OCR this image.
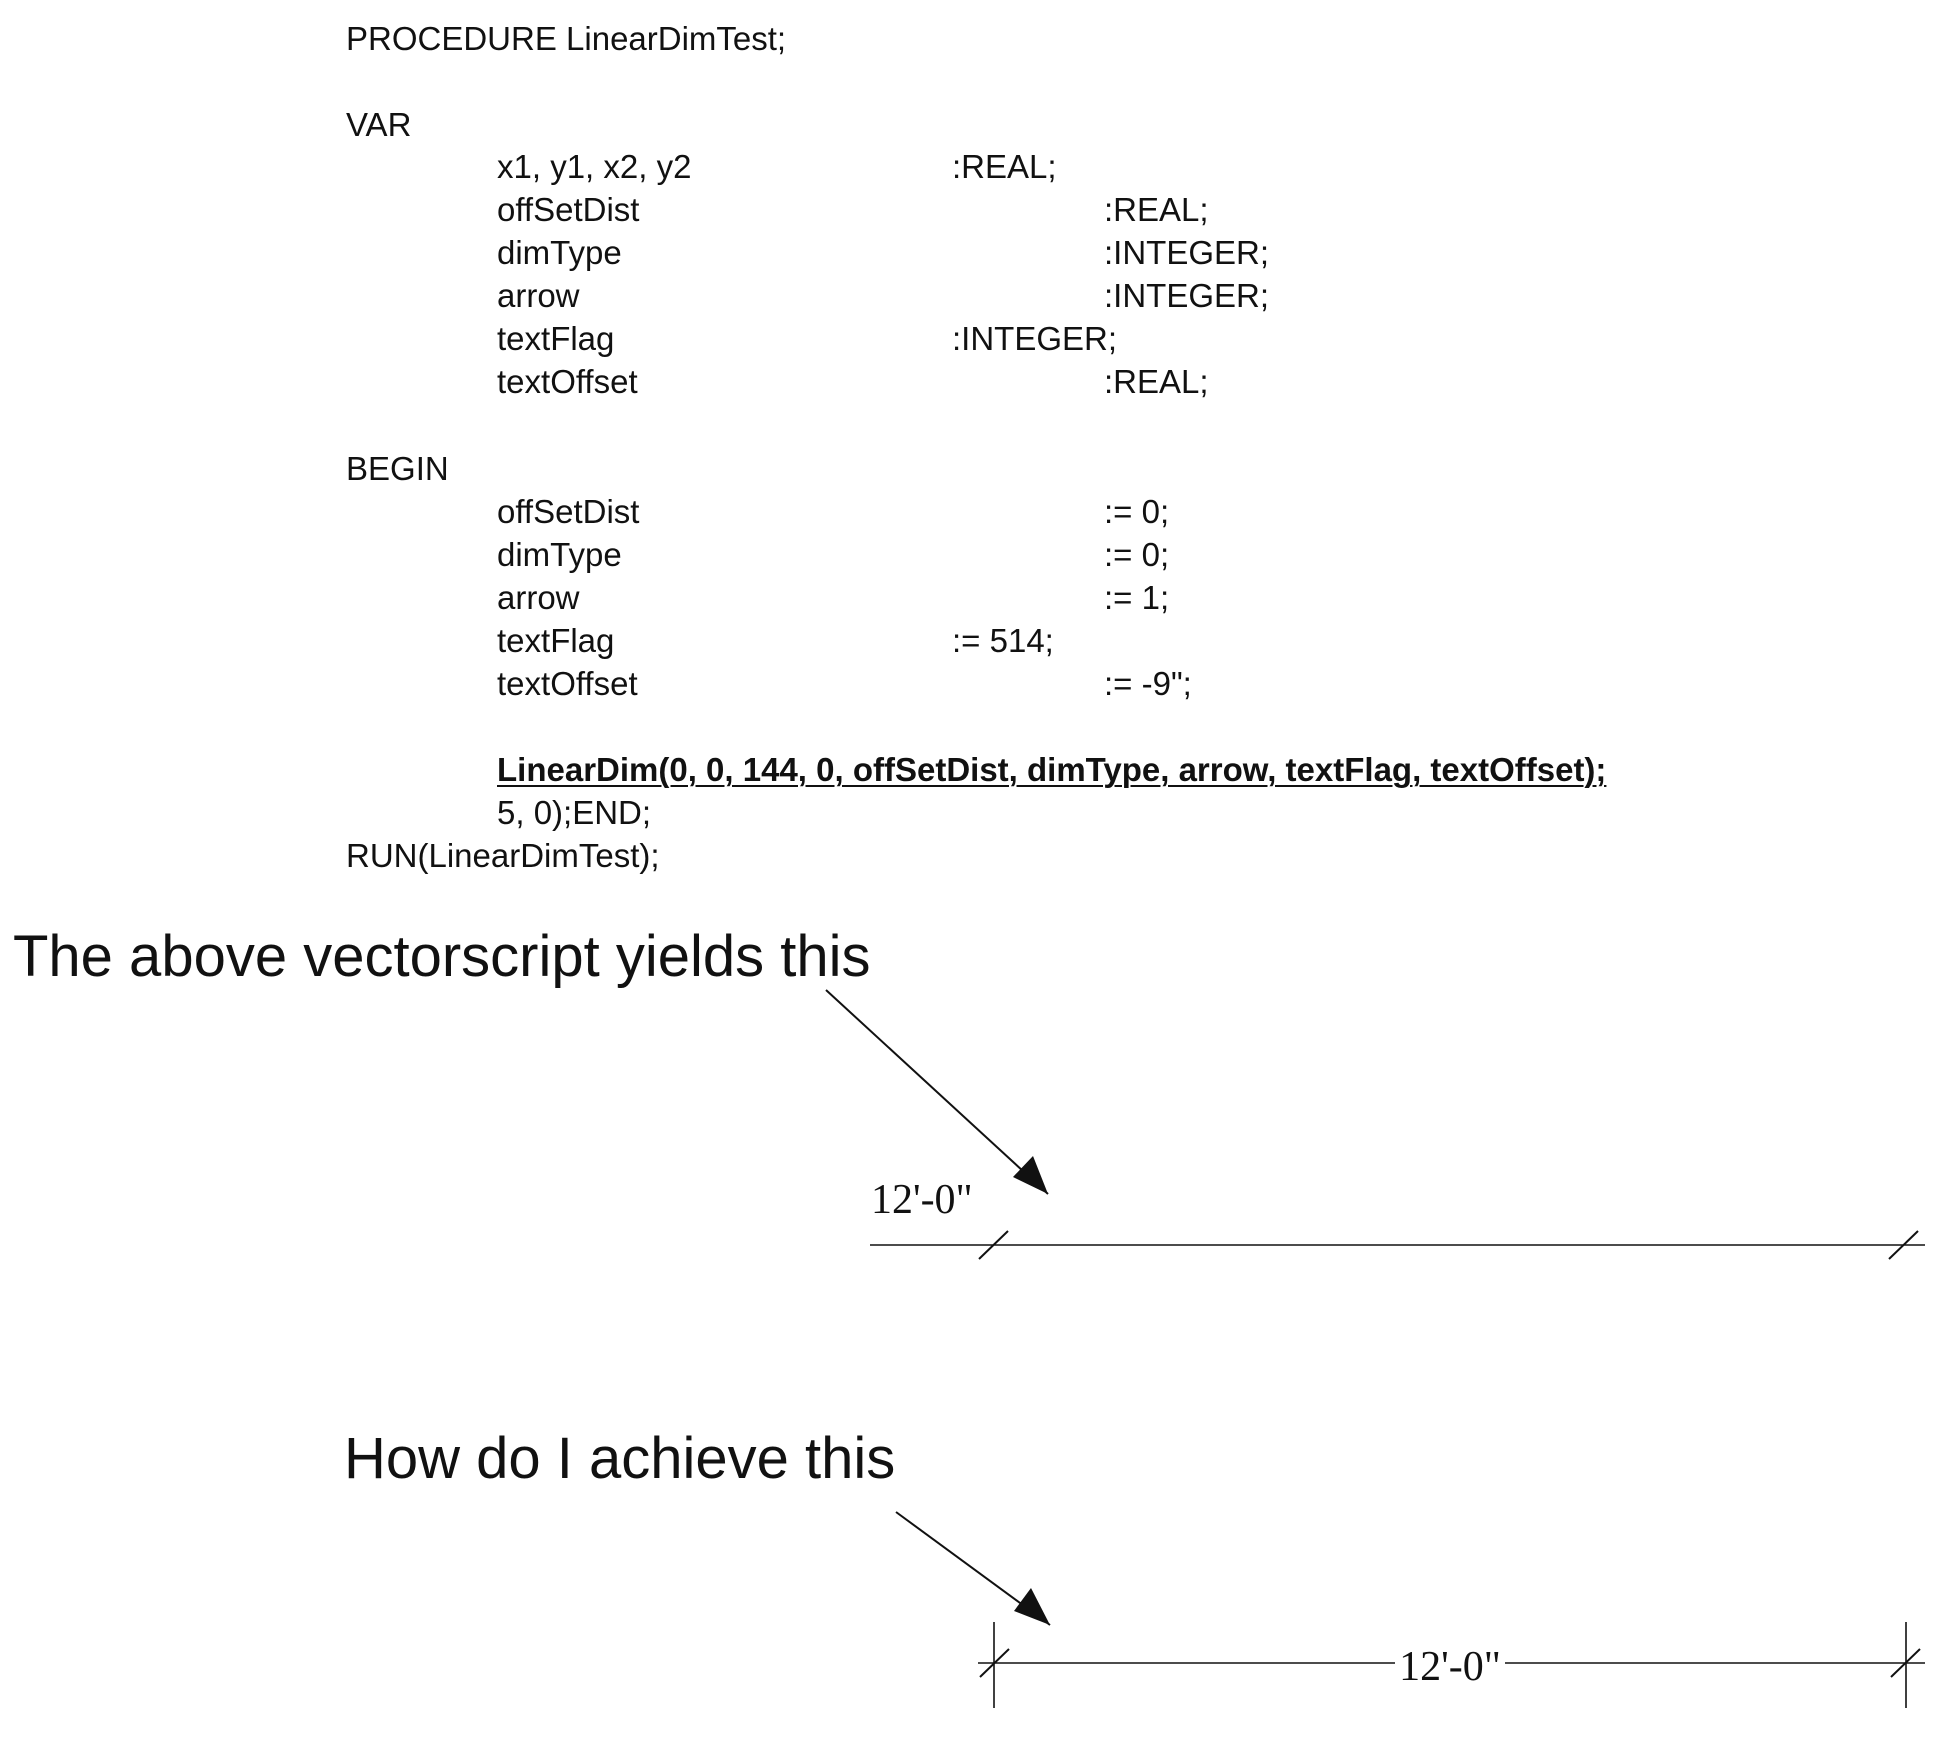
PROCEDURE LinearDimTest;
VAR
x1, y1, x2, y2	:REAL;
offSetDist	:REAL;
dimType	:INTEGER;
arrow	:INTEGER;
textFlag	:INTEGER;
textOffset	:REAL;
BEGIN
offSetDist	:= 0;
dimType	:= 0;
arrow	:= 1;
textFlag	:= 514;
textOffset	:= -9";
LinearDim(0, 0, 144, 0, offSetDist, dimType, arrow, textFlag, textOffset);
5, 0);END;
RUN(LinearDimTest);
The above vectorscript yields this
How do I achieve this
12'-0"
12'-0"
